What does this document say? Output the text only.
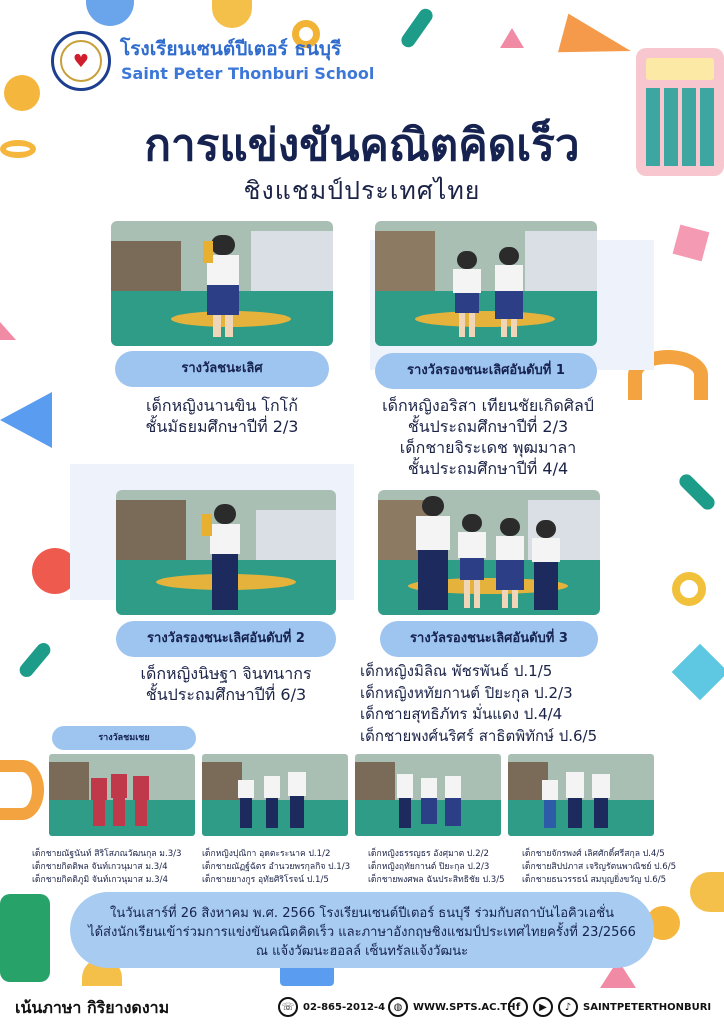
♥
โรงเรียนเซนต์ปีเตอร์ ธนบุรี
Saint Peter Thonburi School
การแข่งขันคณิตคิดเร็ว
ชิงแชมป์ประเทศไทย
รางวัลชนะเลิศ	รางวัลรองชนะเลิศอันดับที่ 1
รางวัลรองชนะเลิศอันดับที่ 2	รางวัลรองชนะเลิศอันดับที่ 3
เด็กหญิงนานขิน โกโก้
ชั้นมัธยมศึกษาปีที่ 2/3
เด็กหญิงอริสา เทียนชัยเกิดศิลป์
ชั้นประถมศึกษาปีที่ 2/3
เด็กชายจิระเดช พุฒมาลา
ชั้นประถมศึกษาปีที่ 4/4
เด็กหญิงนิษฐา จินทนากร
ชั้นประถมศึกษาปีที่ 6/3
เด็กหญิงมิลิณ พัชรพันธ์ ป.1/5
เด็กหญิงหทัยกานต์ ปิยะกุล ป.2/3
เด็กชายสุทธิภัทร มั่นแดง ป.4/4
เด็กชายพงศ์นริศร์ สาธิตพิทักษ์ ป.6/5
รางวัลชมเชย
เด็กชายณัฐนันท์ สิริโสภณวัฒนกุล ม.3/3
เด็กชายกิตติพล จันท์เกวนุมาส ม.3/4
เด็กชายกิตติภูมิ จันท์เกวนุมาส ม.3/4
เด็กหญิงปุณิกา อุดตะระนาค ป.1/2
เด็กชายณัฏฐ์ฉัตร อำนวยพรกุลกิจ ป.1/3
เด็กชายยางกูร อุทัยศิริโรจน์ ป.1/5
เด็กหญิงธรรญธร อังศุมาต ป.2/2
เด็กหญิงฤทัยกานต์ ปิยะกุล ป.2/3
เด็กชายพงศพล ฉันประสิทธิชัย ป.3/5
เด็กชายจักรพงศ์ เลิศศักดิ์ศรีสกุล ป.4/5
เด็กชายสิปปภาส เจริญรัตนพาณิชย์ ป.6/5
เด็กชายธนวรรธน์ สมบุญยิ่งขวัญ ป.6/5
ในวันเสาร์ที่ 26 สิงหาคม พ.ศ. 2566 โรงเรียนเซนต์ปีเตอร์ ธนบุรี ร่วมกับสถาบันไอคิวเอชั่น
ได้ส่งนักเรียนเข้าร่วมการแข่งขันคณิตคิดเร็ว และภาษาอังกฤษชิงแชมป์ประเทศไทยครั้งที่ 23/2566
ณ แจ้งวัฒนะฮอลล์ เซ็นทรัลแจ้งวัฒนะ
เน้นภาษา กิริยางดงาม	☏ 02-865-2012-4 ◍	WWW.SPTS.AC.TH f	▶	♪	SAINTPETERTHONBURI
